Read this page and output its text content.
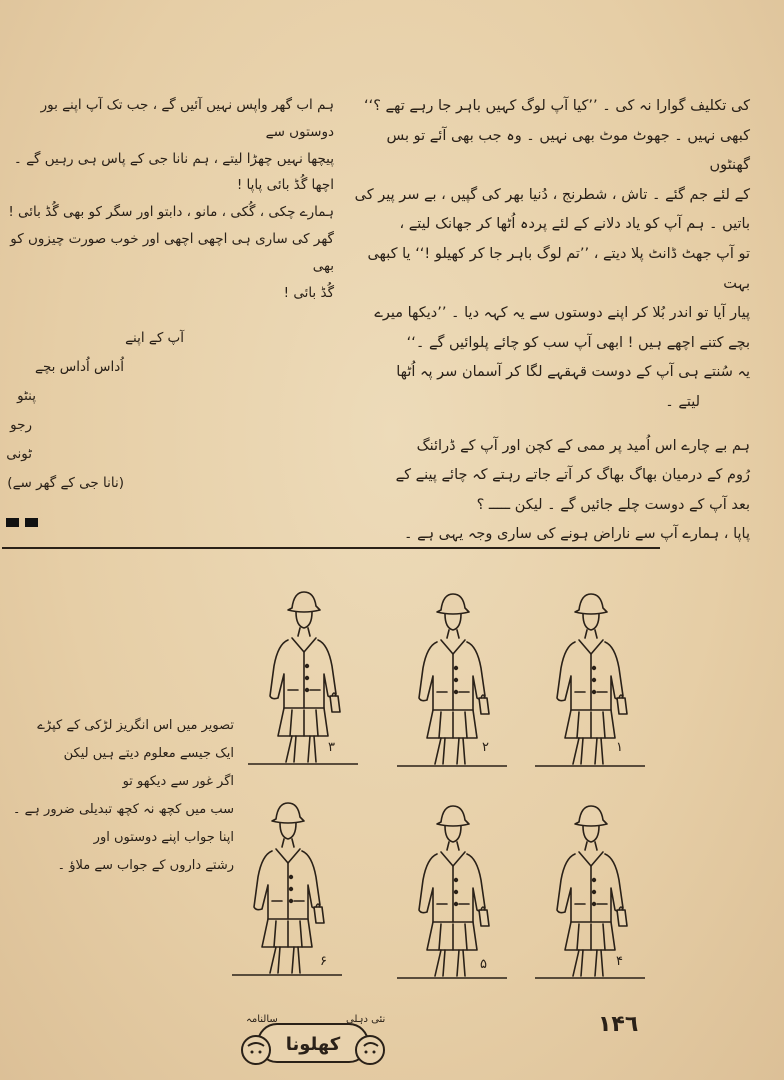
کی تکلیف گوارا نہ کی ۔ ’’کیا آپ لوگ کہیں باہر جا رہے تھے ؟‘‘

کبھی نہیں ۔ جھوٹ موٹ بھی نہیں ۔ وہ جب بھی آئے تو بس گھنٹوں

کے لئے جم گئے ۔ تاش ، شطرنج ، دُنیا بھر کی گپیں ، بے سر پیر کی

باتیں ۔ ہم آپ کو یاد دلانے کے لئے پردہ اُٹھا کر جھانک لیتے ،

تو آپ جھٹ ڈانٹ پلا دیتے ، ’’تم لوگ باہر جا کر کھیلو !‘‘ یا کبھی بہت

پیار آیا تو اندر بُلا کر اپنے دوستوں سے یہ کہہ دیا ۔ ’’دیکھا میرے

بچے کتنے اچھے ہیں ! ابھی آپ سب کو چائے پلوائیں گے ۔‘‘

یہ سُنتے ہی آپ کے دوست قہقہے لگا کر آسمان سر پہ اُٹھا

لیتے ۔

ہم بے چارے اس اُمید پر ممی کے کچن اور آپ کے ڈرائنگ

رُوم کے درمیان بھاگ بھاگ کر آتے جاتے رہتے کہ چائے پینے کے

بعد آپ کے دوست چلے جائیں گے ۔ لیکن ـــــ ؟

پاپا ، ہمارے آپ سے ناراض ہونے کی ساری وجہ یہی ہے ۔

ہم اب گھر واپس نہیں آئیں گے ، جب تک آپ اپنے بور دوستوں سے

پیچھا نہیں چھڑا لیتے ، ہم نانا جی کے پاس ہی رہیں گے ۔

اچھا گُڈ بائی پاپا !

ہمارے چکی ، گُکی ، مانو ، دابتو اور سگر کو بھی گُڈ بائی !

گھر کی ساری ہی اچھی اچھی اور خوب صورت چیزوں کو بھی

گُڈ بائی !

آپ کے اپنے
اُداس اُداس بچے
پنٹو
رجو
ٹونی
(نانا جی کے گھر سے)

تصویر میں اس انگریز لڑکی کے کپڑے

ایک جیسے معلوم دیتے ہیں لیکن

اگر غور سے دیکھو تو

سب میں کچھ نہ کچھ تبدیلی ضرور ہے ۔

اپنا جواب اپنے دوستوں اور

رشتے داروں کے جواب سے ملاؤ ۔

١
٢
٣
۴
۵
۶
١۴٦
کھلونا
سالنامہ	نئی دہلی
